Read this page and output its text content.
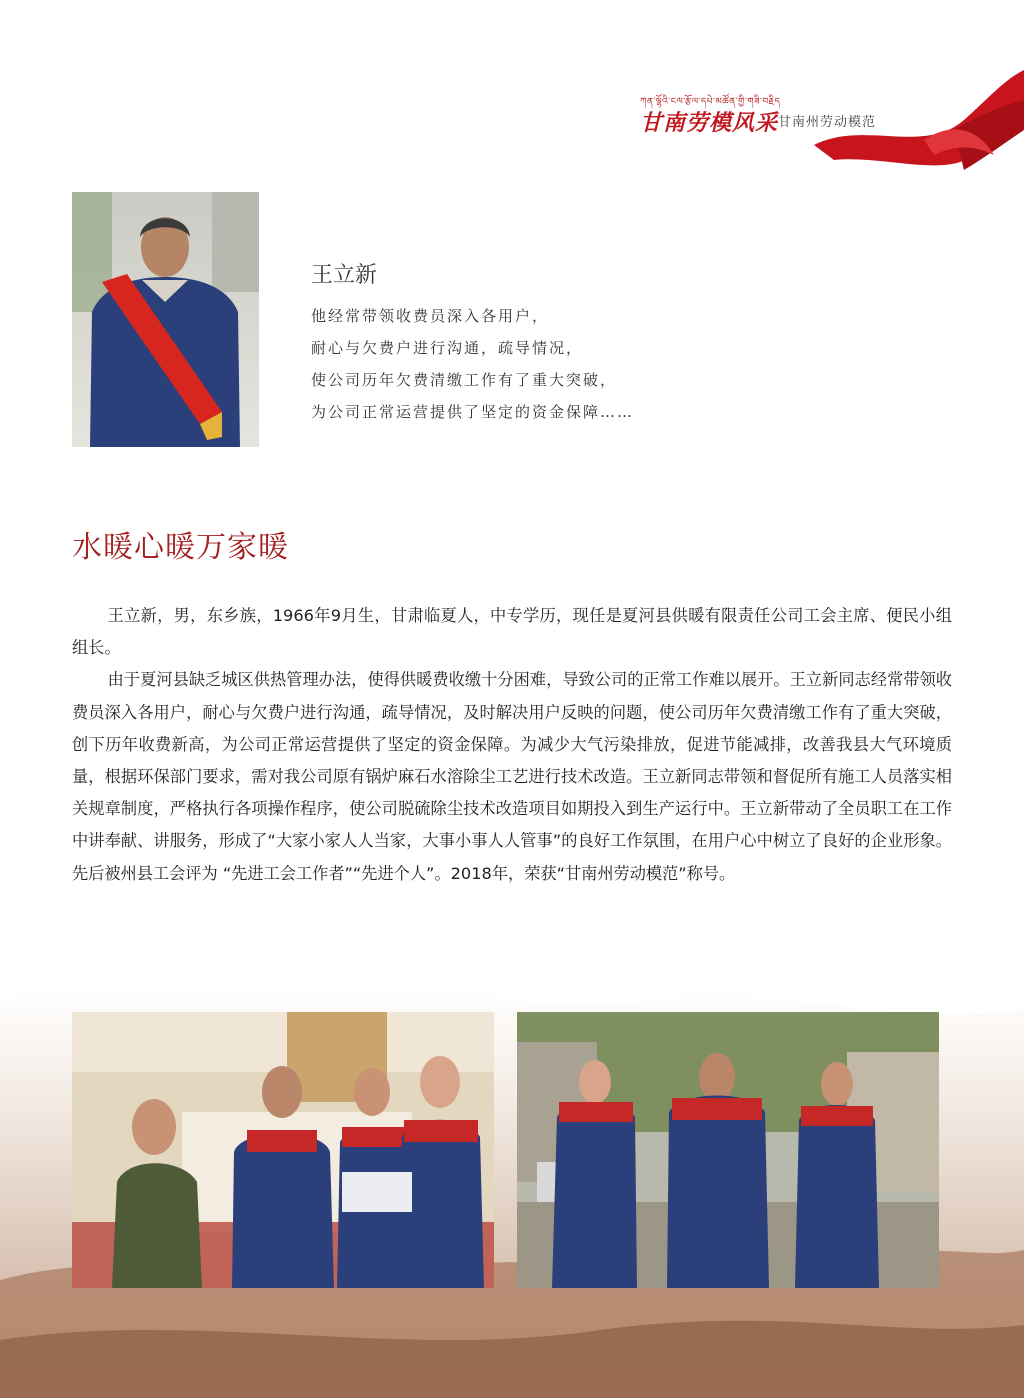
ཀན་ལྷོའི་ངལ་རྩོལ་དཔེ་མཚོན་གྱི་གཟི་བརྗིད
甘南劳模风采 甘南州劳动模范
王立新
他经常带领收费员深入各用户，
耐心与欠费户进行沟通，疏导情况，
使公司历年欠费清缴工作有了重大突破，
为公司正常运营提供了坚定的资金保障……
水暖心暖万家暖

王立新，男，东乡族，1966年9月生，甘肃临夏人，中专学历，现任是夏河县供暖有限责任公司工会主席、便民小组组长。

由于夏河县缺乏城区供热管理办法，使得供暖费收缴十分困难，导致公司的正常工作难以展开。王立新同志经常带领收费员深入各用户，耐心与欠费户进行沟通，疏导情况，及时解决用户反映的问题，使公司历年欠费清缴工作有了重大突破，创下历年收费新高，为公司正常运营提供了坚定的资金保障。为减少大气污染排放，促进节能减排，改善我县大气环境质量，根据环保部门要求，需对我公司原有锅炉麻石水溶除尘工艺进行技术改造。王立新同志带领和督促所有施工人员落实相关规章制度，严格执行各项操作程序，使公司脱硫除尘技术改造项目如期投入到生产运行中。王立新带动了全员职工在工作中讲奉献、讲服务，形成了“大家小家人人当家，大事小事人人管事”的良好工作氛围，在用户心中树立了良好的企业形象。先后被州县工会评为 “先进工会工作者”“先进个人”。2018年，荣获“甘南州劳动模范”称号。
